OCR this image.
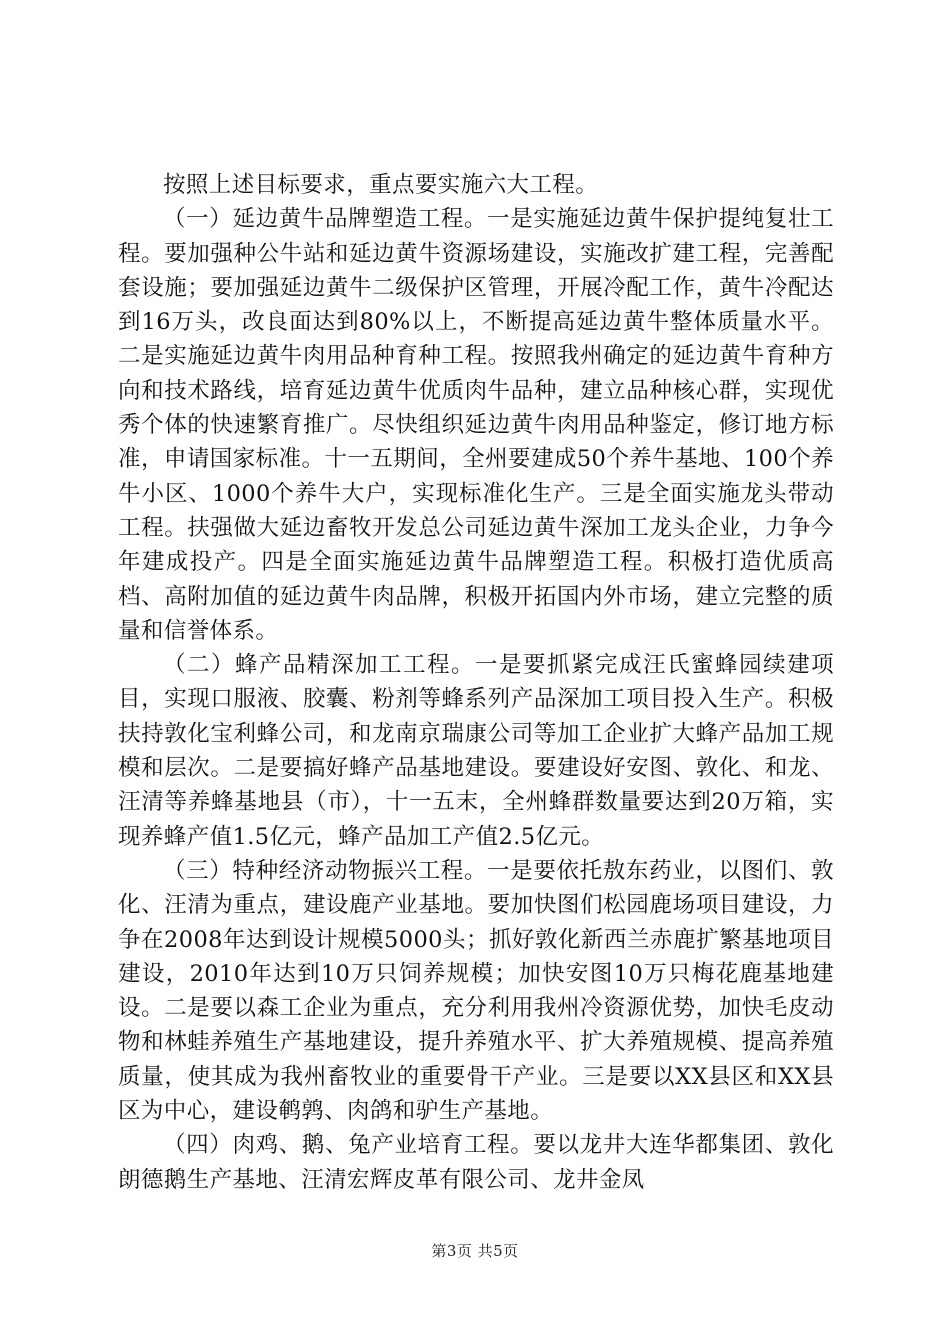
按照上述目标要求，重点要实施六大工程。

（一）延边黄牛品牌塑造工程。一是实施延边黄牛保护提纯复壮工程。要加强种公牛站和延边黄牛资源场建设，实施改扩建工程，完善配套设施；要加强延边黄牛二级保护区管理，开展冷配工作，黄牛冷配达到16万头，改良面达到80%以上，不断提高延边黄牛整体质量水平。二是实施延边黄牛肉用品种育种工程。按照我州确定的延边黄牛育种方向和技术路线，培育延边黄牛优质肉牛品种，建立品种核心群，实现优秀个体的快速繁育推广。尽快组织延边黄牛肉用品种鉴定，修订地方标准，申请国家标准。十一五期间，全州要建成50个养牛基地、100个养牛小区、1000个养牛大户，实现标准化生产。三是全面实施龙头带动工程。扶强做大延边畜牧开发总公司延边黄牛深加工龙头企业，力争今年建成投产。四是全面实施延边黄牛品牌塑造工程。积极打造优质高档、高附加值的延边黄牛肉品牌，积极开拓国内外市场，建立完整的质量和信誉体系。

（二）蜂产品精深加工工程。一是要抓紧完成汪氏蜜蜂园续建项目，实现口服液、胶囊、粉剂等蜂系列产品深加工项目投入生产。积极扶持敦化宝利蜂公司，和龙南京瑞康公司等加工企业扩大蜂产品加工规模和层次。二是要搞好蜂产品基地建设。要建设好安图、敦化、和龙、汪清等养蜂基地县（市），十一五末，全州蜂群数量要达到20万箱，实现养蜂产值1.5亿元，蜂产品加工产值2.5亿元。

（三）特种经济动物振兴工程。一是要依托敖东药业，以图们、敦化、汪清为重点，建设鹿产业基地。要加快图们松园鹿场项目建设，力争在2008年达到设计规模5000头；抓好敦化新西兰赤鹿扩繁基地项目建设，2010年达到10万只饲养规模；加快安图10万只梅花鹿基地建设。二是要以森工企业为重点，充分利用我州冷资源优势，加快毛皮动物和林蛙养殖生产基地建设，提升养殖水平、扩大养殖规模、提高养殖质量，使其成为我州畜牧业的重要骨干产业。三是要以XX县区和XX县区为中心，建设鹌鹑、肉鸽和驴生产基地。

（四）肉鸡、鹅、兔产业培育工程。要以龙井大连华都集团、敦化朗德鹅生产基地、汪清宏辉皮革有限公司、龙井金凤

第3页 共5页
